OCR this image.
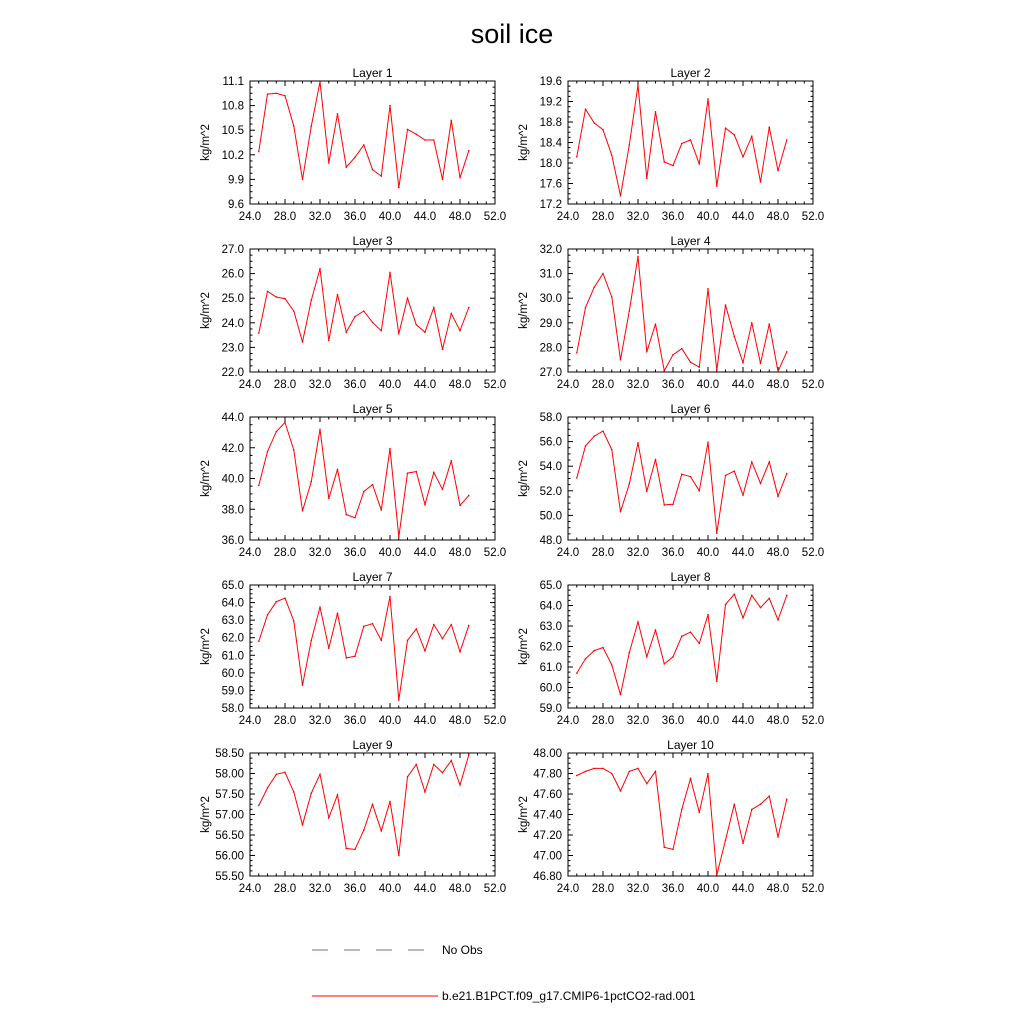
soil ice
Layer 1
kg/m^2
24.0 28.0 32.0 36.0 40.0 44.0 48.0 52.0
9.6
9.9
10.2
10.5
10.8
11.1
Layer 2
kg/m^2
24.0 28.0 32.0 36.0 40.0 44.0 48.0 52.0
17.2
17.6
18.0
18.4
18.8
19.2
19.6
Layer 3
kg/m^2
24.0 28.0 32.0 36.0 40.0 44.0 48.0 52.0
22.0
23.0
24.0
25.0
26.0
27.0
Layer 4
kg/m^2
24.0 28.0 32.0 36.0 40.0 44.0 48.0 52.0
27.0
28.0
29.0
30.0
31.0
32.0
Layer 5
kg/m^2
24.0 28.0 32.0 36.0 40.0 44.0 48.0 52.0
36.0
38.0
40.0
42.0
44.0
Layer 6
kg/m^2
24.0 28.0 32.0 36.0 40.0 44.0 48.0 52.0
48.0
50.0
52.0
54.0
56.0
58.0
Layer 7
kg/m^2
24.0 28.0 32.0 36.0 40.0 44.0 48.0 52.0
58.0
59.0
60.0
61.0
62.0
63.0
64.0
65.0
Layer 8
kg/m^2
24.0 28.0 32.0 36.0 40.0 44.0 48.0 52.0
59.0
60.0
61.0
62.0
63.0
64.0
65.0
Layer 9
kg/m^2
24.0 28.0 32.0 36.0 40.0 44.0 48.0 52.0
55.50
56.00
56.50
57.00
57.50
58.00
58.50
Layer 10
kg/m^2
24.0 28.0 32.0 36.0 40.0 44.0 48.0 52.0
46.80
47.00
47.20
47.40
47.60
47.80
48.00
No Obs
b.e21.B1PCT.f09_g17.CMIP6-1pctCO2-rad.001
